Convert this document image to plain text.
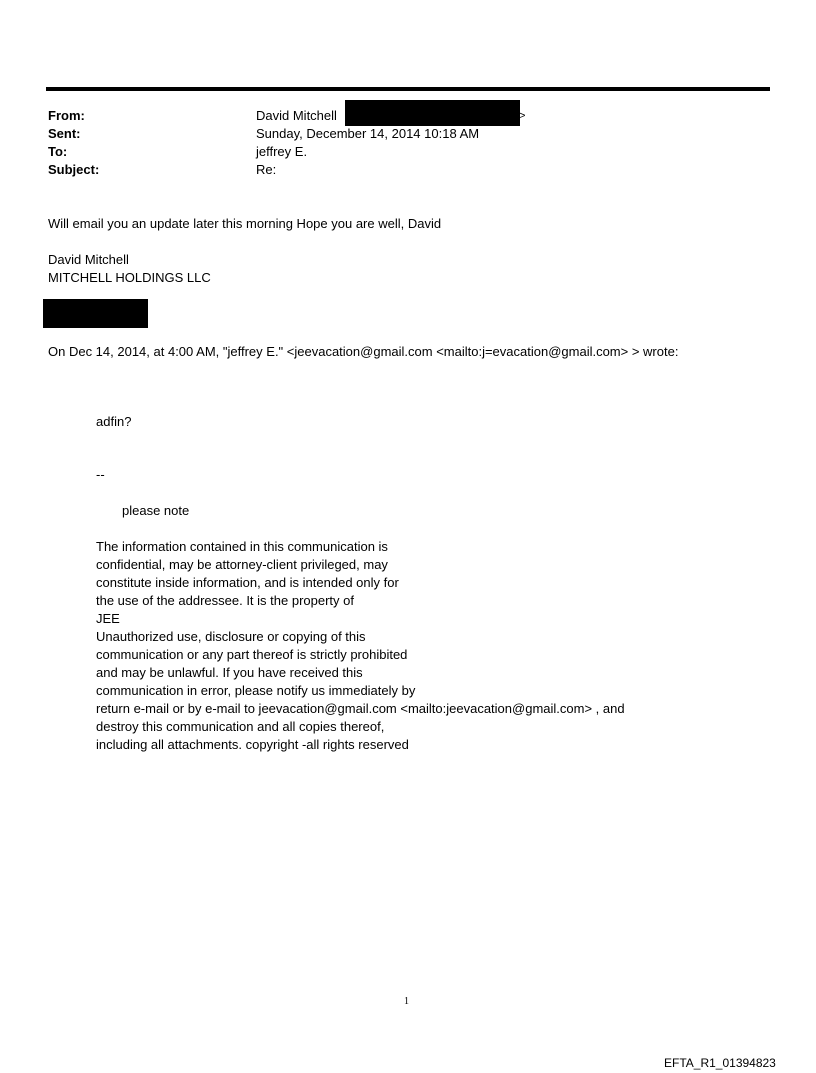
From:	David Mitchell	>
Sent:	Sunday, December 14, 2014 10:18 AM
To:	jeffrey E.
Subject:	Re:
Will email you an update later this morning Hope you are well, David
David Mitchell
MITCHELL HOLDINGS LLC
On Dec 14, 2014, at 4:00 AM, "jeffrey E." <jeevacation@gmail.com <mailto:j=evacation@gmail.com> > wrote:
adfin?
--
please note
The information contained in this communication is
confidential, may be attorney-client privileged, may
constitute inside information, and is intended only for
the use of the addressee. It is the property of
JEE
Unauthorized use, disclosure or copying of this
communication or any part thereof is strictly prohibited
and may be unlawful. If you have received this
communication in error, please notify us immediately by
return e-mail or by e-mail to jeevacation@gmail.com <mailto:jeevacation@gmail.com> , and
destroy this communication and all copies thereof,
including all attachments. copyright -all rights reserved
1
EFTA_R1_01394823
